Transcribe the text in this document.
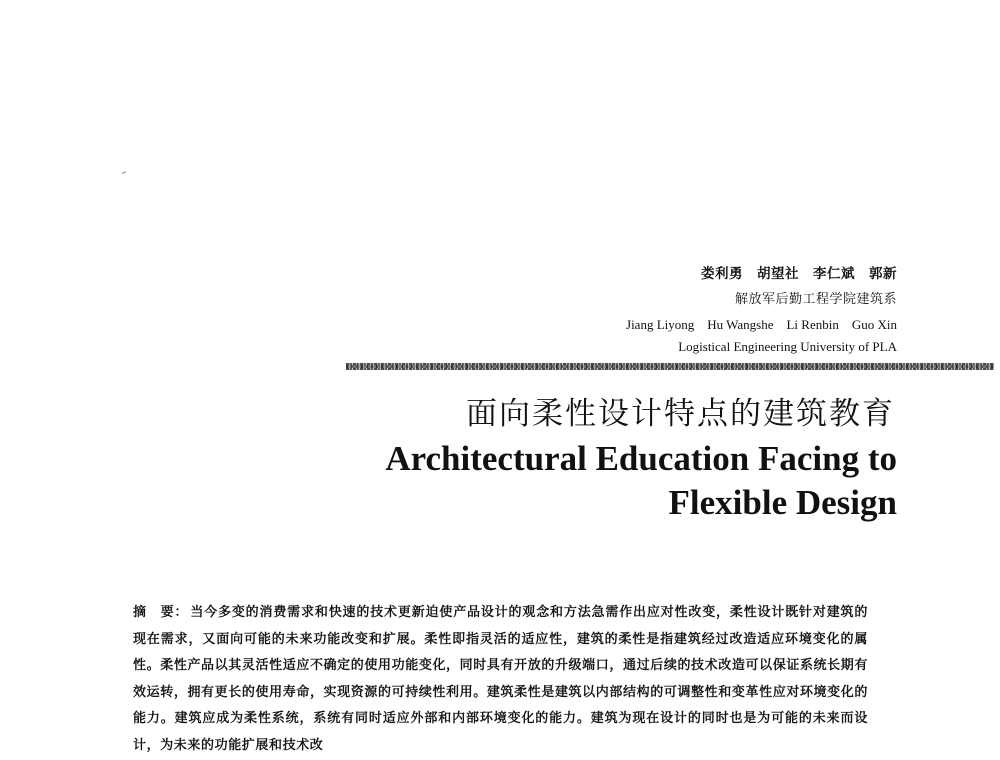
娄利勇　胡望社　李仁斌　郭新
解放军后勤工程学院建筑系
Jiang Liyong　Hu Wangshe　Li Renbin　Guo Xin
Logistical Engineering University of PLA
面向柔性设计特点的建筑教育
Architectural Education Facing to Flexible Design
摘　要： 当今多变的消费需求和快速的技术更新迫使产品设计的观念和方法急需作出应对性改变，柔性设计既针对建筑的现在需求，又面向可能的未来功能改变和扩展。柔性即指灵活的适应性，建筑的柔性是指建筑经过改造适应环境变化的属性。柔性产品以其灵活性适应不确定的使用功能变化，同时具有开放的升级端口，通过后续的技术改造可以保证系统长期有效运转，拥有更长的使用寿命，实现资源的可持续性利用。建筑柔性是建筑以内部结构的可调整性和变革性应对环境变化的能力。建筑应成为柔性系统，系统有同时适应外部和内部环境变化的能力。建筑为现在设计的同时也是为可能的未来而设计，为未来的功能扩展和技术改
